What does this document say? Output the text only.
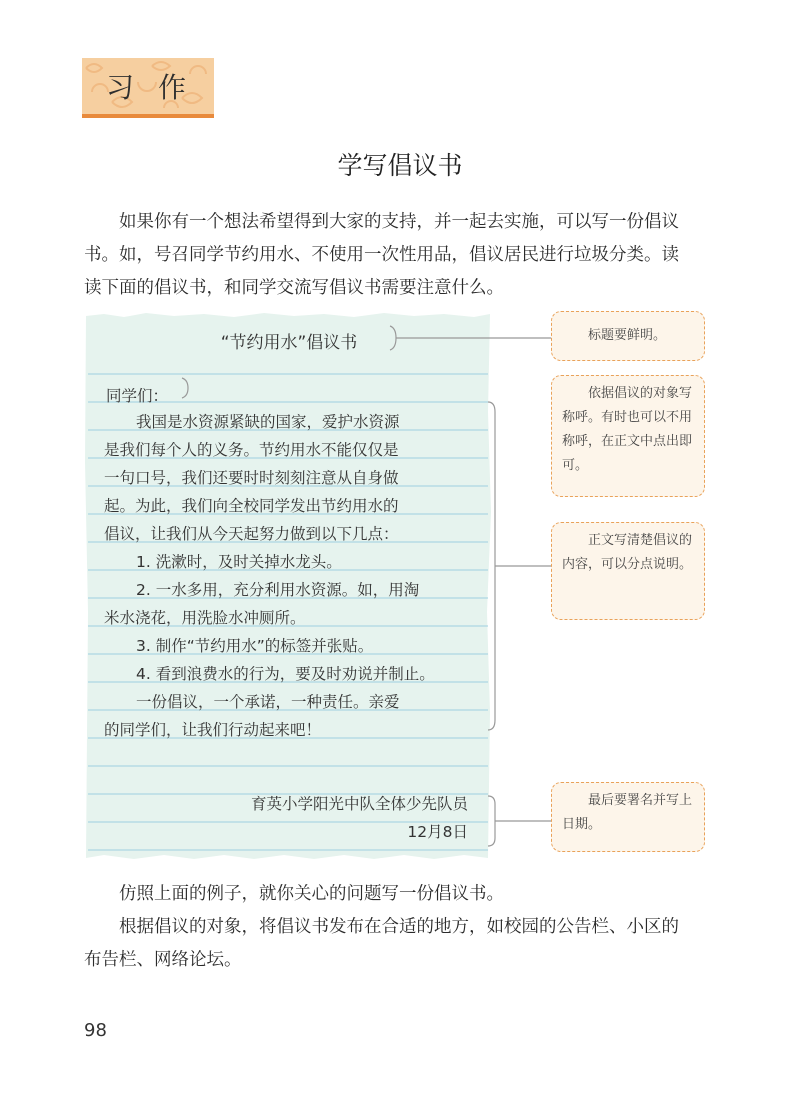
习作
学写倡议书
如果你有一个想法希望得到大家的支持，并一起去实施，可以写一份倡议
书。如，号召同学节约用水、不使用一次性用品，倡议居民进行垃圾分类。读
读下面的倡议书，和同学交流写倡议书需要注意什么。
“节约用水”倡议书
同学们：
我国是水资源紧缺的国家，爱护水资源
是我们每个人的义务。节约用水不能仅仅是
一句口号，我们还要时时刻刻注意从自身做
起。为此，我们向全校同学发出节约用水的
倡议，让我们从今天起努力做到以下几点：
1. 洗漱时，及时关掉水龙头。
2. 一水多用，充分利用水资源。如，用淘
米水浇花，用洗脸水冲厕所。
3. 制作“节约用水”的标签并张贴。
4. 看到浪费水的行为，要及时劝说并制止。
一份倡议，一个承诺，一种责任。亲爱
的同学们，让我们行动起来吧！
育英小学阳光中队全体少先队员
12月8日
标题要鲜明。
依据倡议的对象写称呼。有时也可以不用称呼，在正文中点出即可。
正文写清楚倡议的内容，可以分点说明。
最后要署名并写上日期。
仿照上面的例子，就你关心的问题写一份倡议书。
根据倡议的对象，将倡议书发布在合适的地方，如校园的公告栏、小区的
布告栏、网络论坛。
98
